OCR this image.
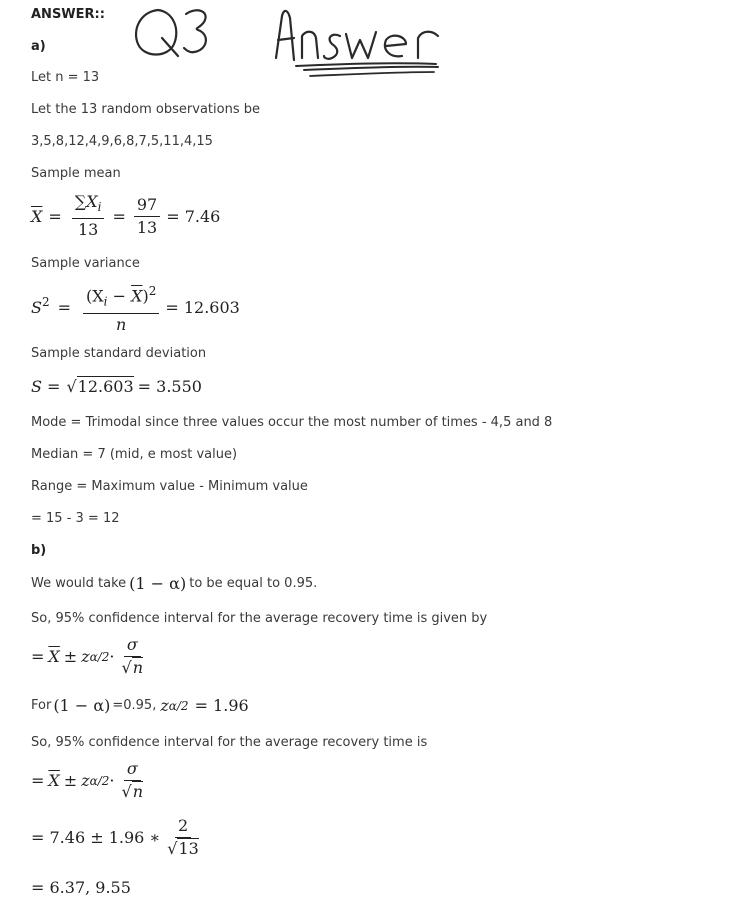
ANSWER::
a)
Let n = 13
Let the 13 random observations be
3,5,8,12,4,9,6,8,7,5,11,4,15
Sample mean
$\overline{X} = \frac{\sum X_i}{13} = \frac{97}{13} = 7.46$
Sample variance
$S^2 = \frac{(X_i - \overline{X})^2}{n} = 12.603$
Sample standard deviation
S = √ 12.603 = 3.550
Mode = Trimodal since three values occur the most number of times - 4,5 and 8
Median = 7 (mid, e most value)
Range = Maximum value - Minimum value
= 15 - 3 = 12
b)
We would take (1 − α) to be equal to 0.95.
So, 95% confidence interval for the average recovery time is given by
= $\overline{X} \pm z$ $\alpha/2 \cdot \frac{\sigma}{√n}$
For (1 − α) =0.95, z α/2 = 1.96
So, 95% confidence interval for the average recovery time is
= $\overline{X} \pm z$ $\alpha/2 \cdot \frac{\sigma}{√n}$
= 7.46 ± 1.96 ∗ $\frac{2}{√13}$
= 6.37, 9.55
